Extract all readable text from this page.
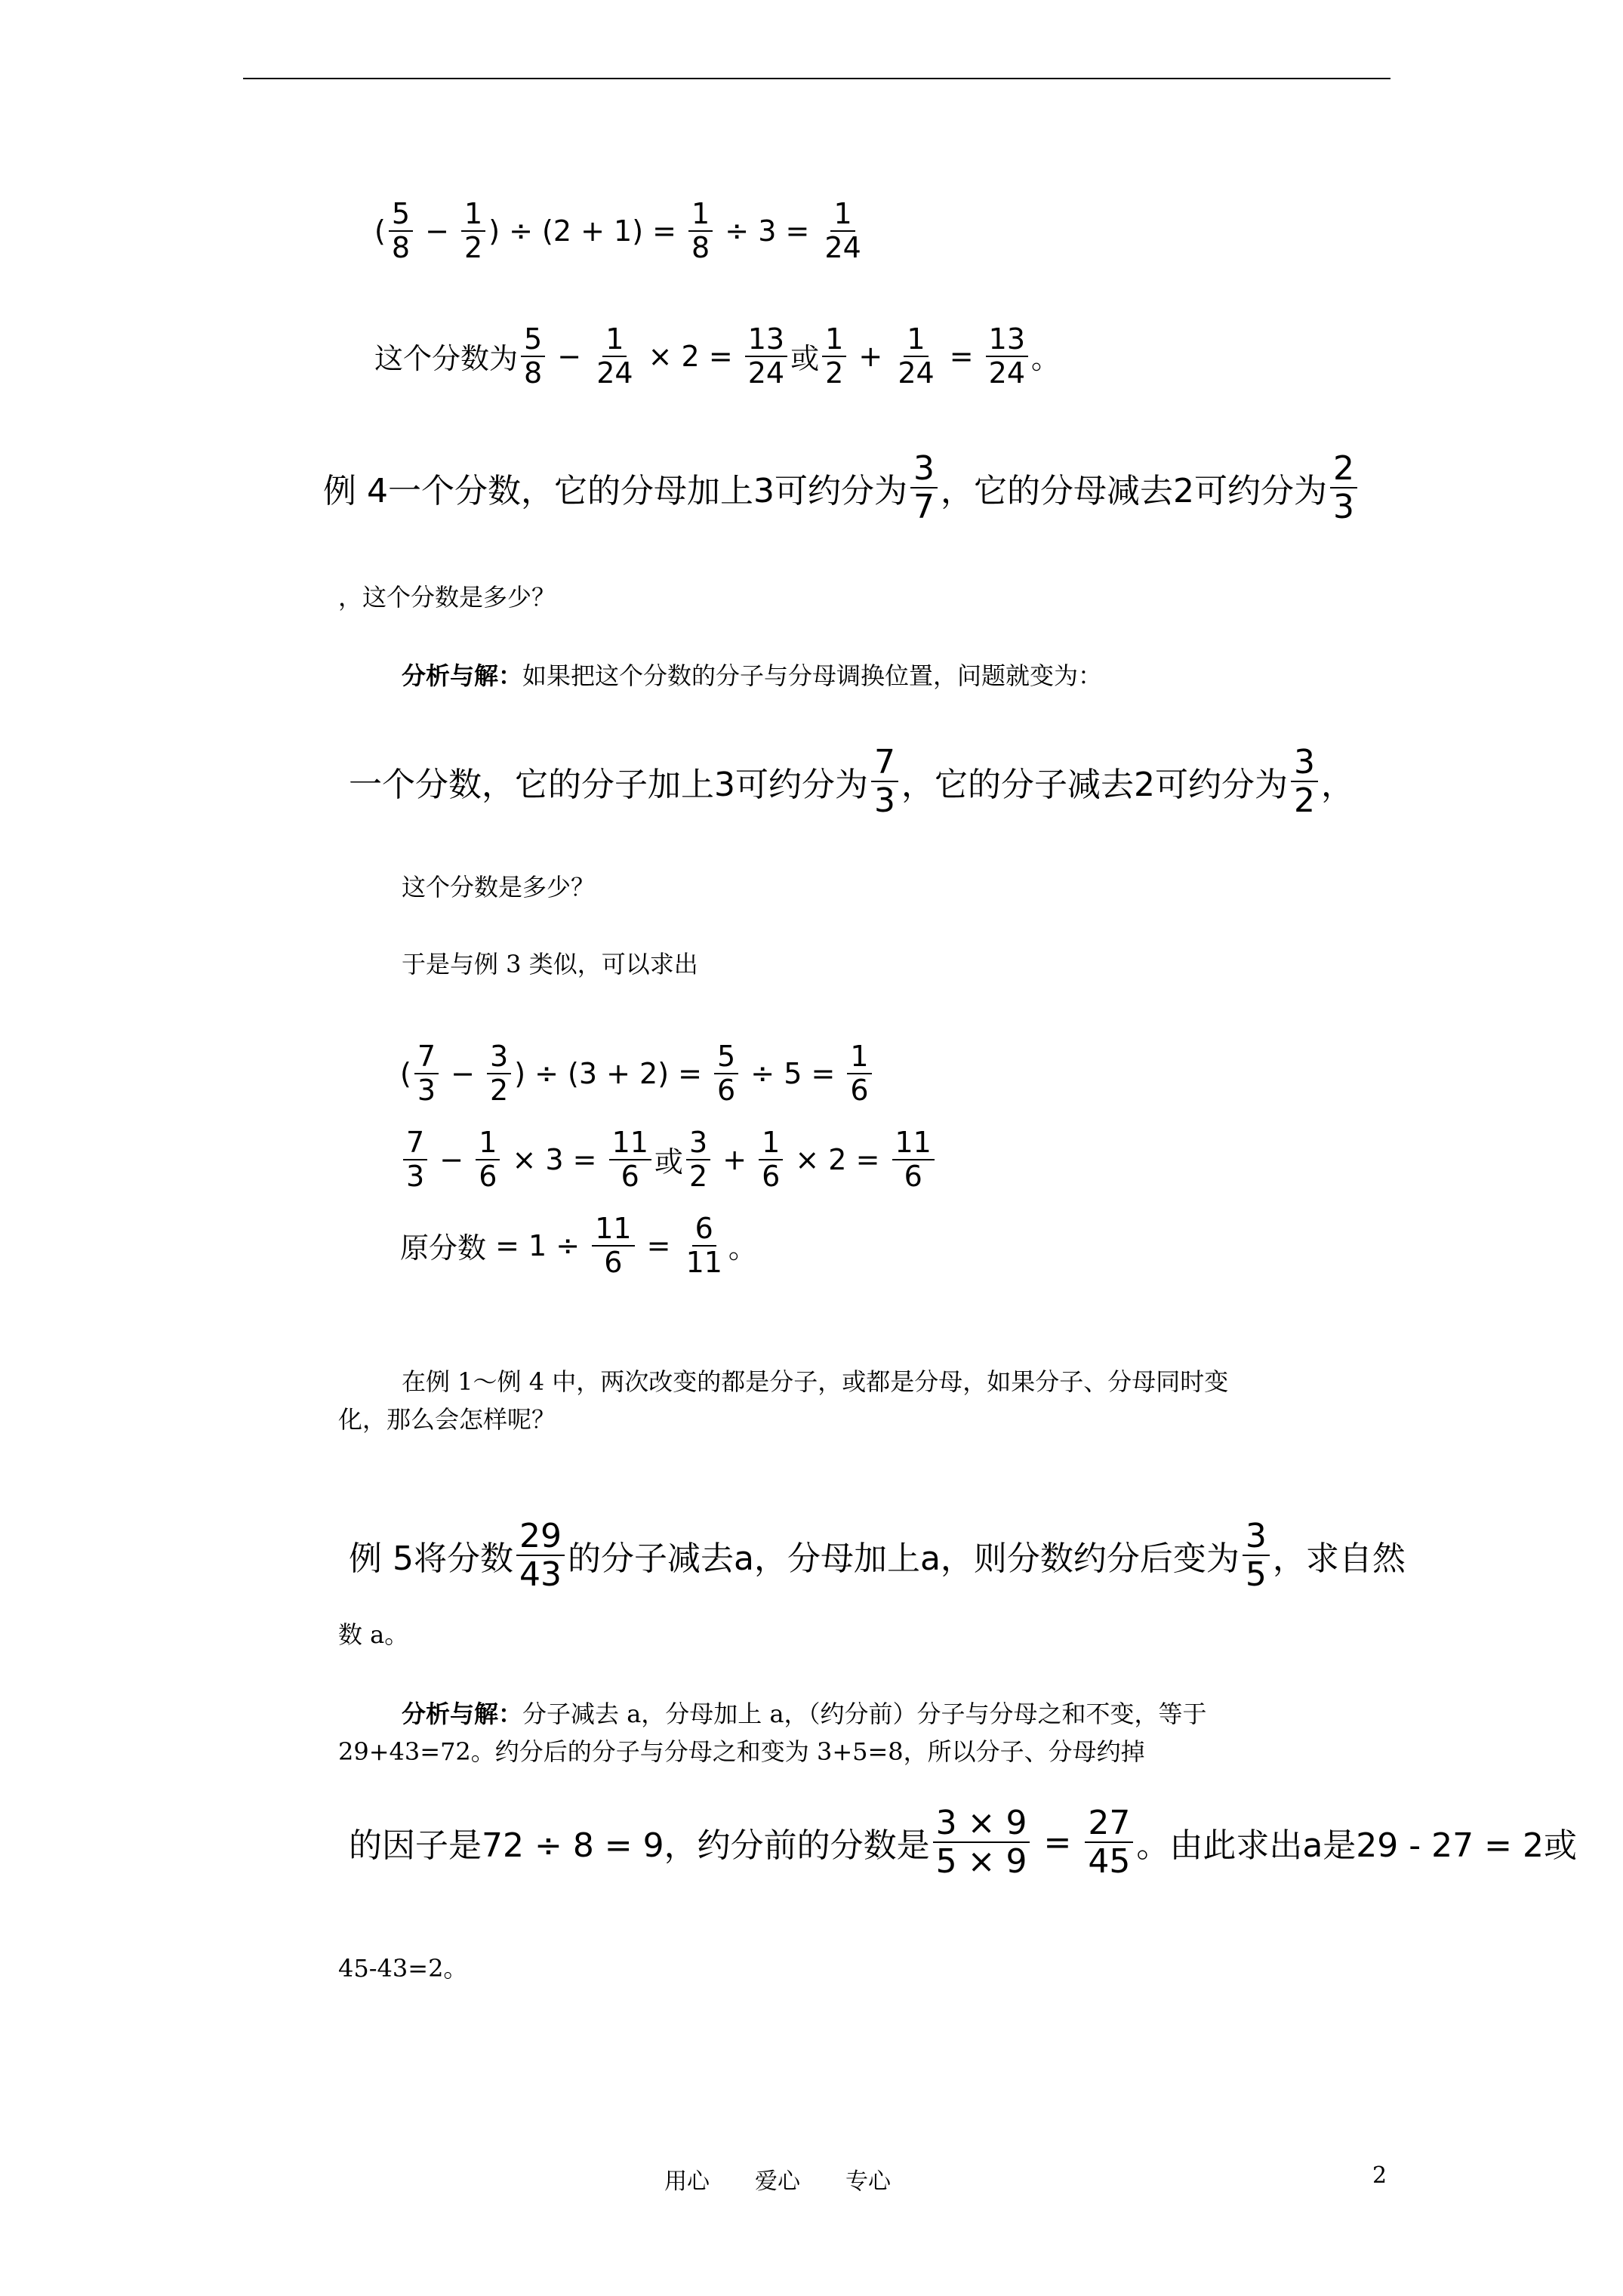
( $\frac{5}{8} - \frac{1}{2}$ ) ÷ $(2 + 1) = \frac{1}{8} \div 3 = \frac{1}{24}$
这个分数为 $\frac{5}{8} - \frac{1}{24} \times 2 = \frac{13}{24}$ 或 $\frac{1}{2} + \frac{1}{24} = \frac{13}{24}$ 。
例 4一个分数，它的分母加上3可约分为 $\frac{3}{7}$ ，它的分母减去2可约分为 $\frac{2}{3}$
，这个分数是多少？
分析与解： 如果把这个分数的分子与分母调换位置，问题就变为：
一个分数，它的分子加上3可约分为 $\frac{7}{3}$ ，它的分子减去2可约分为 $\frac{3}{2}$ ，
这个分数是多少？
于是与例 3 类似，可以求出
( $\frac{7}{3} - \frac{3}{2}$ ) ÷ $(3 + 2) = \frac{5}{6} \div 5 = \frac{1}{6}$
$\frac{7}{3} - \frac{1}{6} \times 3 = \frac{11}{6}$ 或 $\frac{3}{2} + \frac{1}{6} \times 2 = \frac{11}{6}$
原分数 = $1 \div \frac{11}{6} = \frac{6}{11}$ 。
在例 1～例 4 中，两次改变的都是分子，或都是分母，如果分子、分母同时变
化，那么会怎样呢？
例 5将分数 $\frac{29}{43}$ 的分子减去a，分母加上a，则分数约分后变为 $\frac{3}{5}$ ，求自然
数 a。
分析与解： 分子减去 a，分母加上 a，（约分前）分子与分母之和不变，等于
29+43=72。约分后的分子与分母之和变为 3+5=8，所以分子、分母约掉
的因子是72 ÷ 8 = 9，约分前的分数是 $\frac{3 \times 9}{5 \times 9} = \frac{27}{45}$ 。由此求出a是29 - 27 = 2或
45-43=2。
用心　　爱心　　专心	2
